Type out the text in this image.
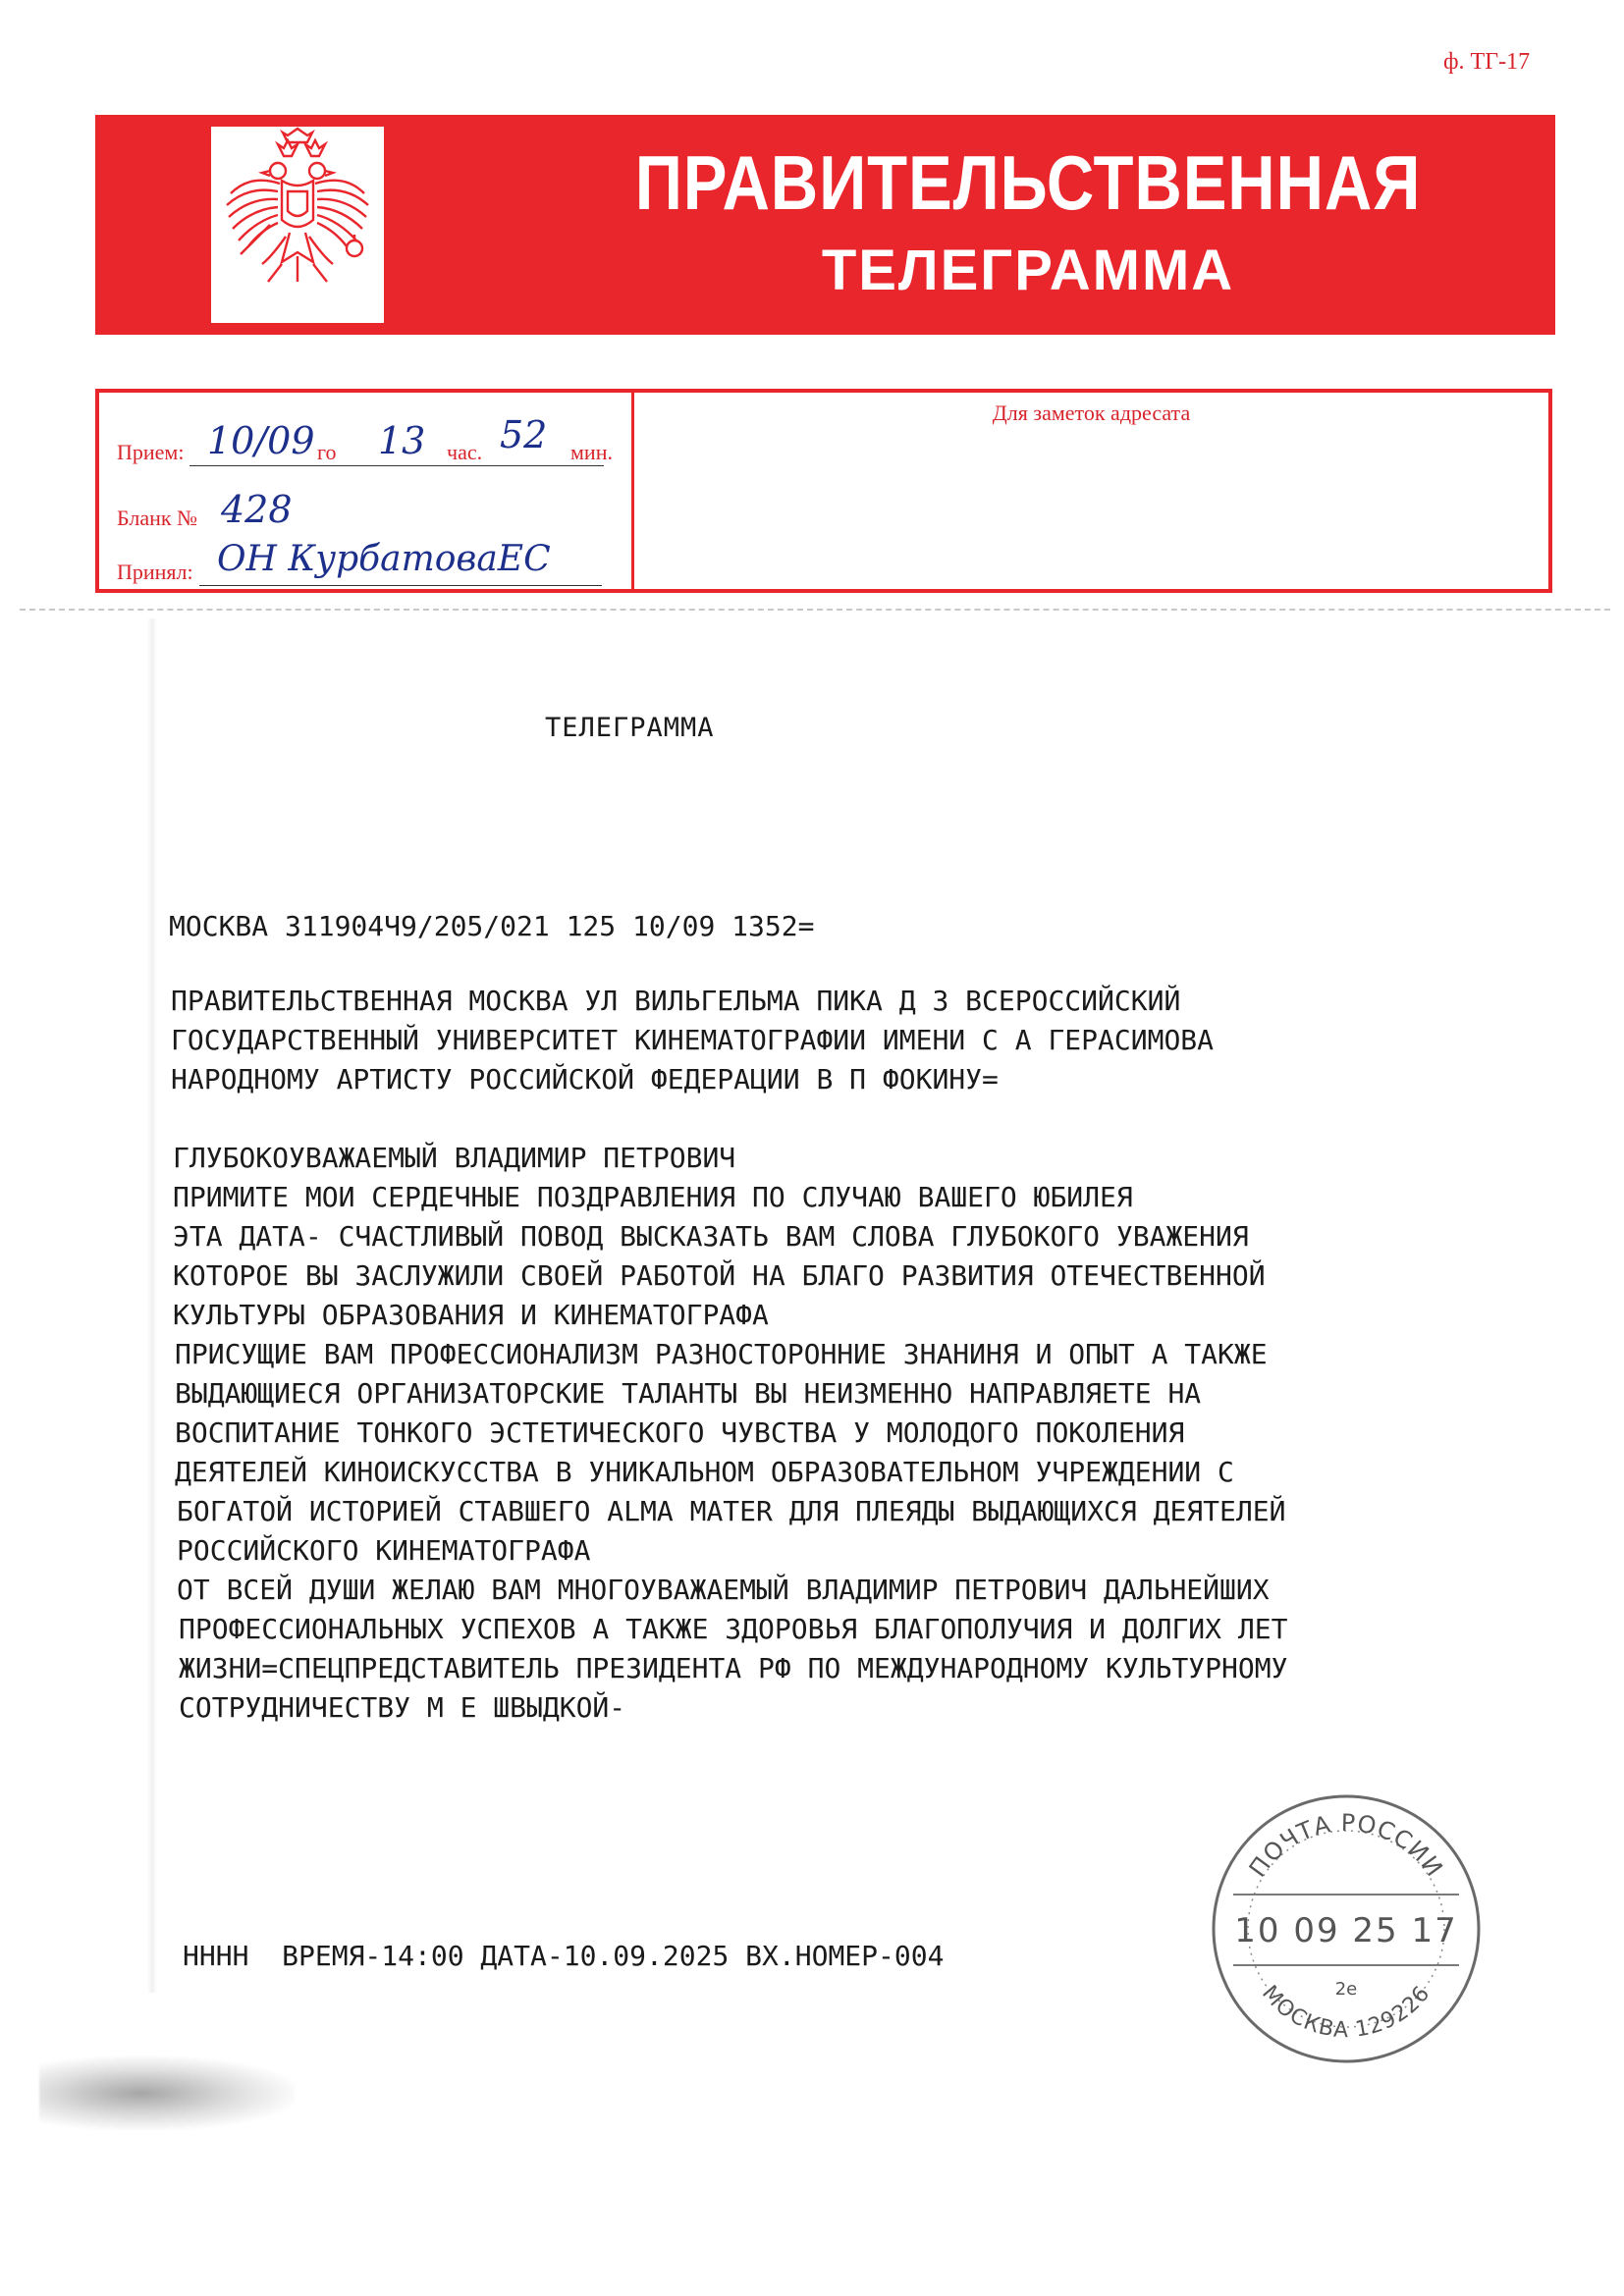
ф. ТГ-17
ПРАВИТЕЛЬСТВЕННАЯ
ТЕЛЕГРАММА
Прием: 10/09 го 13 час. 52 мин.
Бланк № 428
Принял: ОН КурбатоваЕС
Для заметок адресата
ТЕЛЕГРАММА
МОСКВА 311904Ч9/205/021 125 10/09 1352=
ПРАВИТЕЛЬСТВЕННАЯ МОСКВА УЛ ВИЛЬГЕЛЬМА ПИКА Д 3 ВСЕРОССИЙСКИЙ
ГОСУДАРСТВЕННЫЙ УНИВЕРСИТЕТ КИНЕМАТОГРАФИИ ИМЕНИ С А ГЕРАСИМОВА
НАРОДНОМУ АРТИСТУ РОССИЙСКОЙ ФЕДЕРАЦИИ В П ФОКИНУ=
ГЛУБОКОУВАЖАЕМЫЙ ВЛАДИМИР ПЕТРОВИЧ
ПРИМИТЕ МОИ СЕРДЕЧНЫЕ ПОЗДРАВЛЕНИЯ ПО СЛУЧАЮ ВАШЕГО ЮБИЛЕЯ
ЭТА ДАТА- СЧАСТЛИВЫЙ ПОВОД ВЫСКАЗАТЬ ВАМ СЛОВА ГЛУБОКОГО УВАЖЕНИЯ
КОТОРОЕ ВЫ ЗАСЛУЖИЛИ СВОЕЙ РАБОТОЙ НА БЛАГО РАЗВИТИЯ ОТЕЧЕСТВЕННОЙ
КУЛЬТУРЫ ОБРАЗОВАНИЯ И КИНЕМАТОГРАФА
ПРИСУЩИЕ ВАМ ПРОФЕССИОНАЛИЗМ РАЗНОСТОРОННИЕ ЗНАНИНЯ И ОПЫТ А ТАКЖЕ
ВЫДАЮЩИЕСЯ ОРГАНИЗАТОРСКИЕ ТАЛАНТЫ ВЫ НЕИЗМЕННО НАПРАВЛЯЕТЕ НА
ВОСПИТАНИЕ ТОНКОГО ЭСТЕТИЧЕСКОГО ЧУВСТВА У МОЛОДОГО ПОКОЛЕНИЯ
ДЕЯТЕЛЕЙ КИНОИСКУССТВА В УНИКАЛЬНОМ ОБРАЗОВАТЕЛЬНОМ УЧРЕЖДЕНИИ С
БОГАТОЙ ИСТОРИЕЙ СТАВШЕГО ALMA MATER ДЛЯ ПЛЕЯДЫ ВЫДАЮЩИХСЯ ДЕЯТЕЛЕЙ
РОССИЙСКОГО КИНЕМАТОГРАФА
ОТ ВСЕЙ ДУШИ ЖЕЛАЮ ВАМ МНОГОУВАЖАЕМЫЙ ВЛАДИМИР ПЕТРОВИЧ ДАЛЬНЕЙШИХ
ПРОФЕССИОНАЛЬНЫХ УСПЕХОВ А ТАКЖЕ ЗДОРОВЬЯ БЛАГОПОЛУЧИЯ И ДОЛГИХ ЛЕТ
ЖИЗНИ=СПЕЦПРЕДСТАВИТЕЛЬ ПРЕЗИДЕНТА РФ ПО МЕЖДУНАРОДНОМУ КУЛЬТУРНОМУ
СОТРУДНИЧЕСТВУ М Е ШВЫДКОЙ-
НННН  ВРЕМЯ-14:00 ДАТА-10.09.2025 ВХ.НОМЕР-004
ПОЧТА РОССИИ
10 09 25 17
2е
МОСКВА 129226
